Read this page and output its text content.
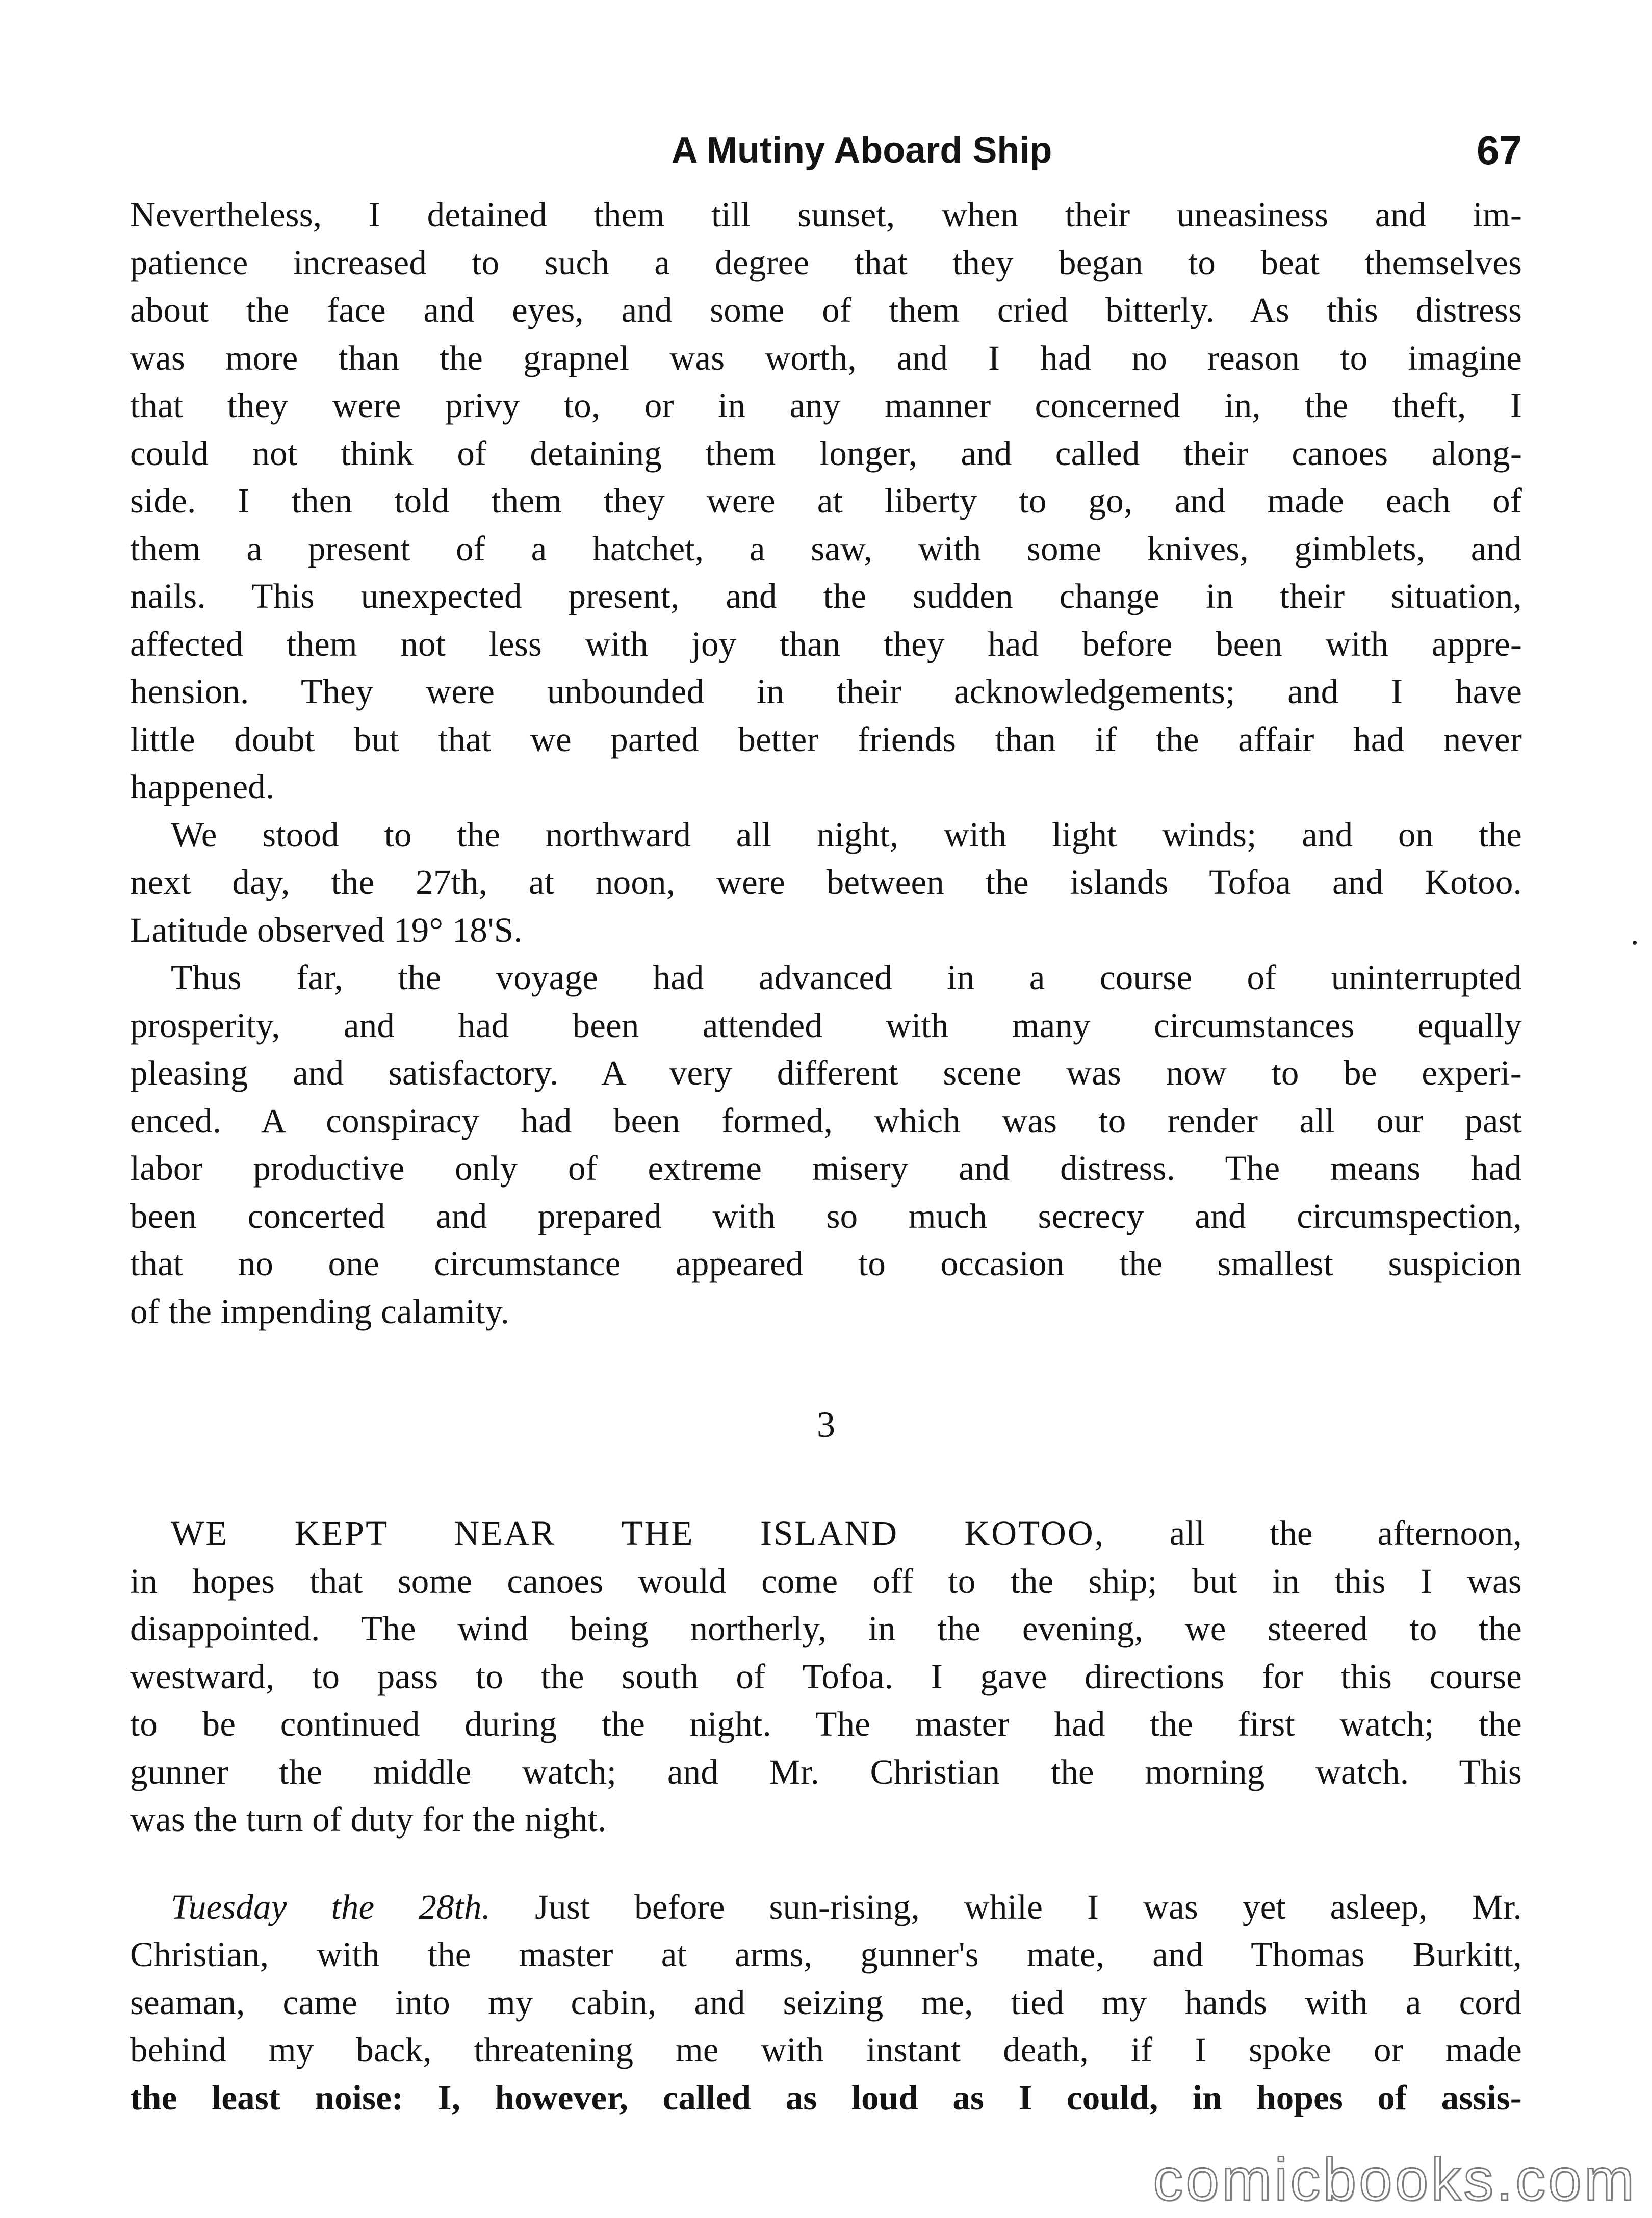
A Mutiny Aboard Ship	67

Nevertheless, I detained them till sunset, when their uneasiness and im-

patience increased to such a degree that they began to beat themselves

about the face and eyes, and some of them cried bitterly. As this distress

was more than the grapnel was worth, and I had no reason to imagine

that they were privy to, or in any manner concerned in, the theft, I

could not think of detaining them longer, and called their canoes along-

side. I then told them they were at liberty to go, and made each of

them a present of a hatchet, a saw, with some knives, gimblets, and

nails. This unexpected present, and the sudden change in their situation,

affected them not less with joy than they had before been with appre-

hension. They were unbounded in their acknowledgements; and I have

little doubt but that we parted better friends than if the affair had never

happened.

We stood to the northward all night, with light winds; and on the

next day, the 27th, at noon, were between the islands Tofoa and Kotoo.

Latitude observed 19° 18'S.

Thus far, the voyage had advanced in a course of uninterrupted

prosperity, and had been attended with many circumstances equally

pleasing and satisfactory. A very different scene was now to be experi-

enced. A conspiracy had been formed, which was to render all our past

labor productive only of extreme misery and distress. The means had

been concerted and prepared with so much secrecy and circumspection,

that no one circumstance appeared to occasion the smallest suspicion

of the impending calamity.

3

WE KEPT NEAR THE ISLAND KOTOO, all the afternoon,

in hopes that some canoes would come off to the ship; but in this I was

disappointed. The wind being northerly, in the evening, we steered to the

westward, to pass to the south of Tofoa. I gave directions for this course

to be continued during the night. The master had the first watch; the

gunner the middle watch; and Mr. Christian the morning watch. This

was the turn of duty for the night.

Tuesday the 28th. Just before sun-rising, while I was yet asleep, Mr.

Christian, with the master at arms, gunner's mate, and Thomas Burkitt,

seaman, came into my cabin, and seizing me, tied my hands with a cord

behind my back, threatening me with instant death, if I spoke or made

the least noise: I, however, called as loud as I could, in hopes of assis-

comicbooks.com
